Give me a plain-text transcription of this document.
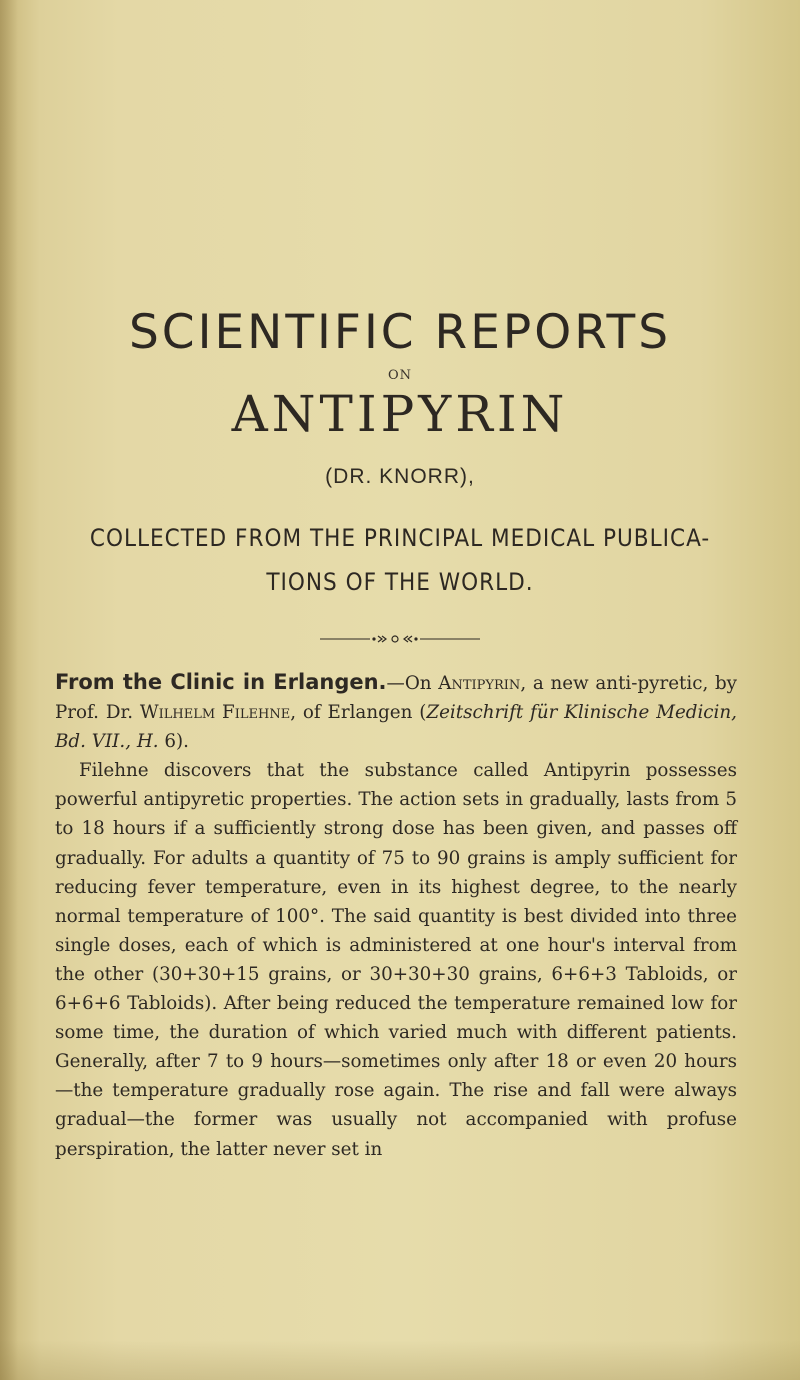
SCIENTIFIC REPORTS
ON
ANTIPYRIN
(DR. KNORR),
COLLECTED FROM THE PRINCIPAL MEDICAL PUBLICA-
TIONS OF THE WORLD.

From the Clinic in Erlangen.—On Antipyrin, a new anti-pyretic, by Prof. Dr. Wilhelm Filehne, of Erlangen (Zeitschrift für Klinische Medicin, Bd. VII., H. 6).

Filehne discovers that the substance called Antipyrin possesses powerful antipyretic properties. The action sets in gradually, lasts from 5 to 18 hours if a sufficiently strong dose has been given, and passes off gradually. For adults a quantity of 75 to 90 grains is amply sufficient for reducing fever temperature, even in its highest degree, to the nearly normal temperature of 100°. The said quantity is best divided into three single doses, each of which is administered at one hour's interval from the other (30+30+15 grains, or 30+30+30 grains, 6+6+3 Tabloids, or 6+6+6 Tabloids). After being reduced the temperature remained low for some time, the duration of which varied much with different patients. Generally, after 7 to 9 hours—sometimes only after 18 or even 20 hours—the temperature gradually rose again. The rise and fall were always gradual—the former was usually not accompanied with profuse perspiration, the latter never set in
